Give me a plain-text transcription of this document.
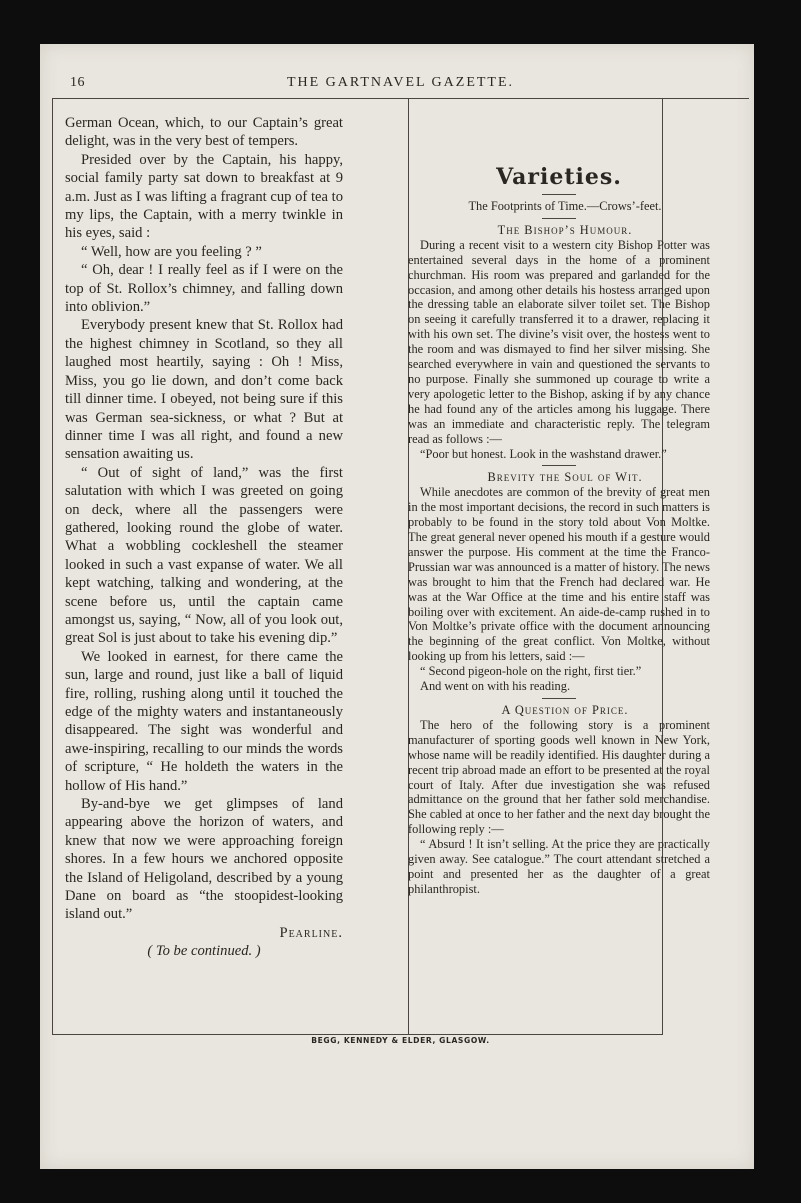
16	THE GARTNAVEL GAZETTE.

German Ocean, which, to our Captain’s great delight, was in the very best of tempers.

Presided over by the Captain, his happy, social family party sat down to breakfast at 9 a.m. Just as I was lifting a fragrant cup of tea to my lips, the Captain, with a merry twinkle in his eyes, said :

“ Well, how are you feeling ? ”

“ Oh, dear ! I really feel as if I were on the top of St. Rollox’s chimney, and falling down into oblivion.”

Everybody present knew that St. Rollox had the highest chimney in Scotland, so they all laughed most heartily, saying : Oh ! Miss, Miss, you go lie down, and don’t come back till dinner time. I obeyed, not being sure if this was German sea-sickness, or what ? But at dinner time I was all right, and found a new sensation awaiting us.

“ Out of sight of land,” was the first salutation with which I was greeted on going on deck, where all the passengers were gathered, looking round the globe of water. What a wobbling cockleshell the steamer looked in such a vast expanse of water. We all kept watching, talking and wondering, at the scene before us, until the captain came amongst us, saying, “ Now, all of you look out, great Sol is just about to take his evening dip.”

We looked in earnest, for there came the sun, large and round, just like a ball of liquid fire, rolling, rushing along until it touched the edge of the mighty waters and instantaneously disappeared. The sight was wonderful and awe-inspiring, recalling to our minds the words of scripture, “ He holdeth the waters in the hollow of His hand.”

By-and-bye we get glimpses of land appearing above the horizon of waters, and knew that now we were approaching foreign shores. In a few hours we anchored opposite the Island of Heligoland, described by a young Dane on board as “the stoopidest-looking island out.”

Pearline.

( To be continued. )

Varieties.

The Footprints of Time.—Crows’-feet.

The Bishop’s Humour.

During a recent visit to a western city Bishop Potter was entertained several days in the home of a prominent churchman. His room was prepared and garlanded for the occasion, and among other details his hostess arranged upon the dressing table an elaborate silver toilet set. The Bishop on seeing it carefully transferred it to a drawer, replacing it with his own set. The divine’s visit over, the hostess went to the room and was dismayed to find her silver missing. She searched everywhere in vain and questioned the servants to no purpose. Finally she summoned up courage to write a very apologetic letter to the Bishop, asking if by any chance he had found any of the articles among his luggage. There was an immediate and characteristic reply. The telegram read as follows :—

“Poor but honest. Look in the washstand drawer.”

Brevity the Soul of Wit.

While anecdotes are common of the brevity of great men in the most important decisions, the record in such matters is probably to be found in the story told about Von Moltke. The great general never opened his mouth if a gesture would answer the purpose. His comment at the time the Franco-Prussian war was announced is a matter of history. The news was brought to him that the French had declared war. He was at the War Office at the time and his entire staff was boiling over with excitement. An aide-de-camp rushed in to Von Moltke’s private office with the document announcing the beginning of the great conflict. Von Moltke, without looking up from his letters, said :—

“ Second pigeon-hole on the right, first tier.”

And went on with his reading.

A Question of Price.

The hero of the following story is a prominent manufacturer of sporting goods well known in New York, whose name will be readily identified. His daughter during a recent trip abroad made an effort to be presented at the royal court of Italy. After due investigation she was refused admittance on the ground that her father sold merchandise. She cabled at once to her father and the next day brought the following reply :—

“ Absurd ! It isn’t selling. At the price they are practically given away. See catalogue.” The court attendant stretched a point and presented her as the daughter of a great philanthropist.

BEGG, KENNEDY & ELDER, GLASGOW.
